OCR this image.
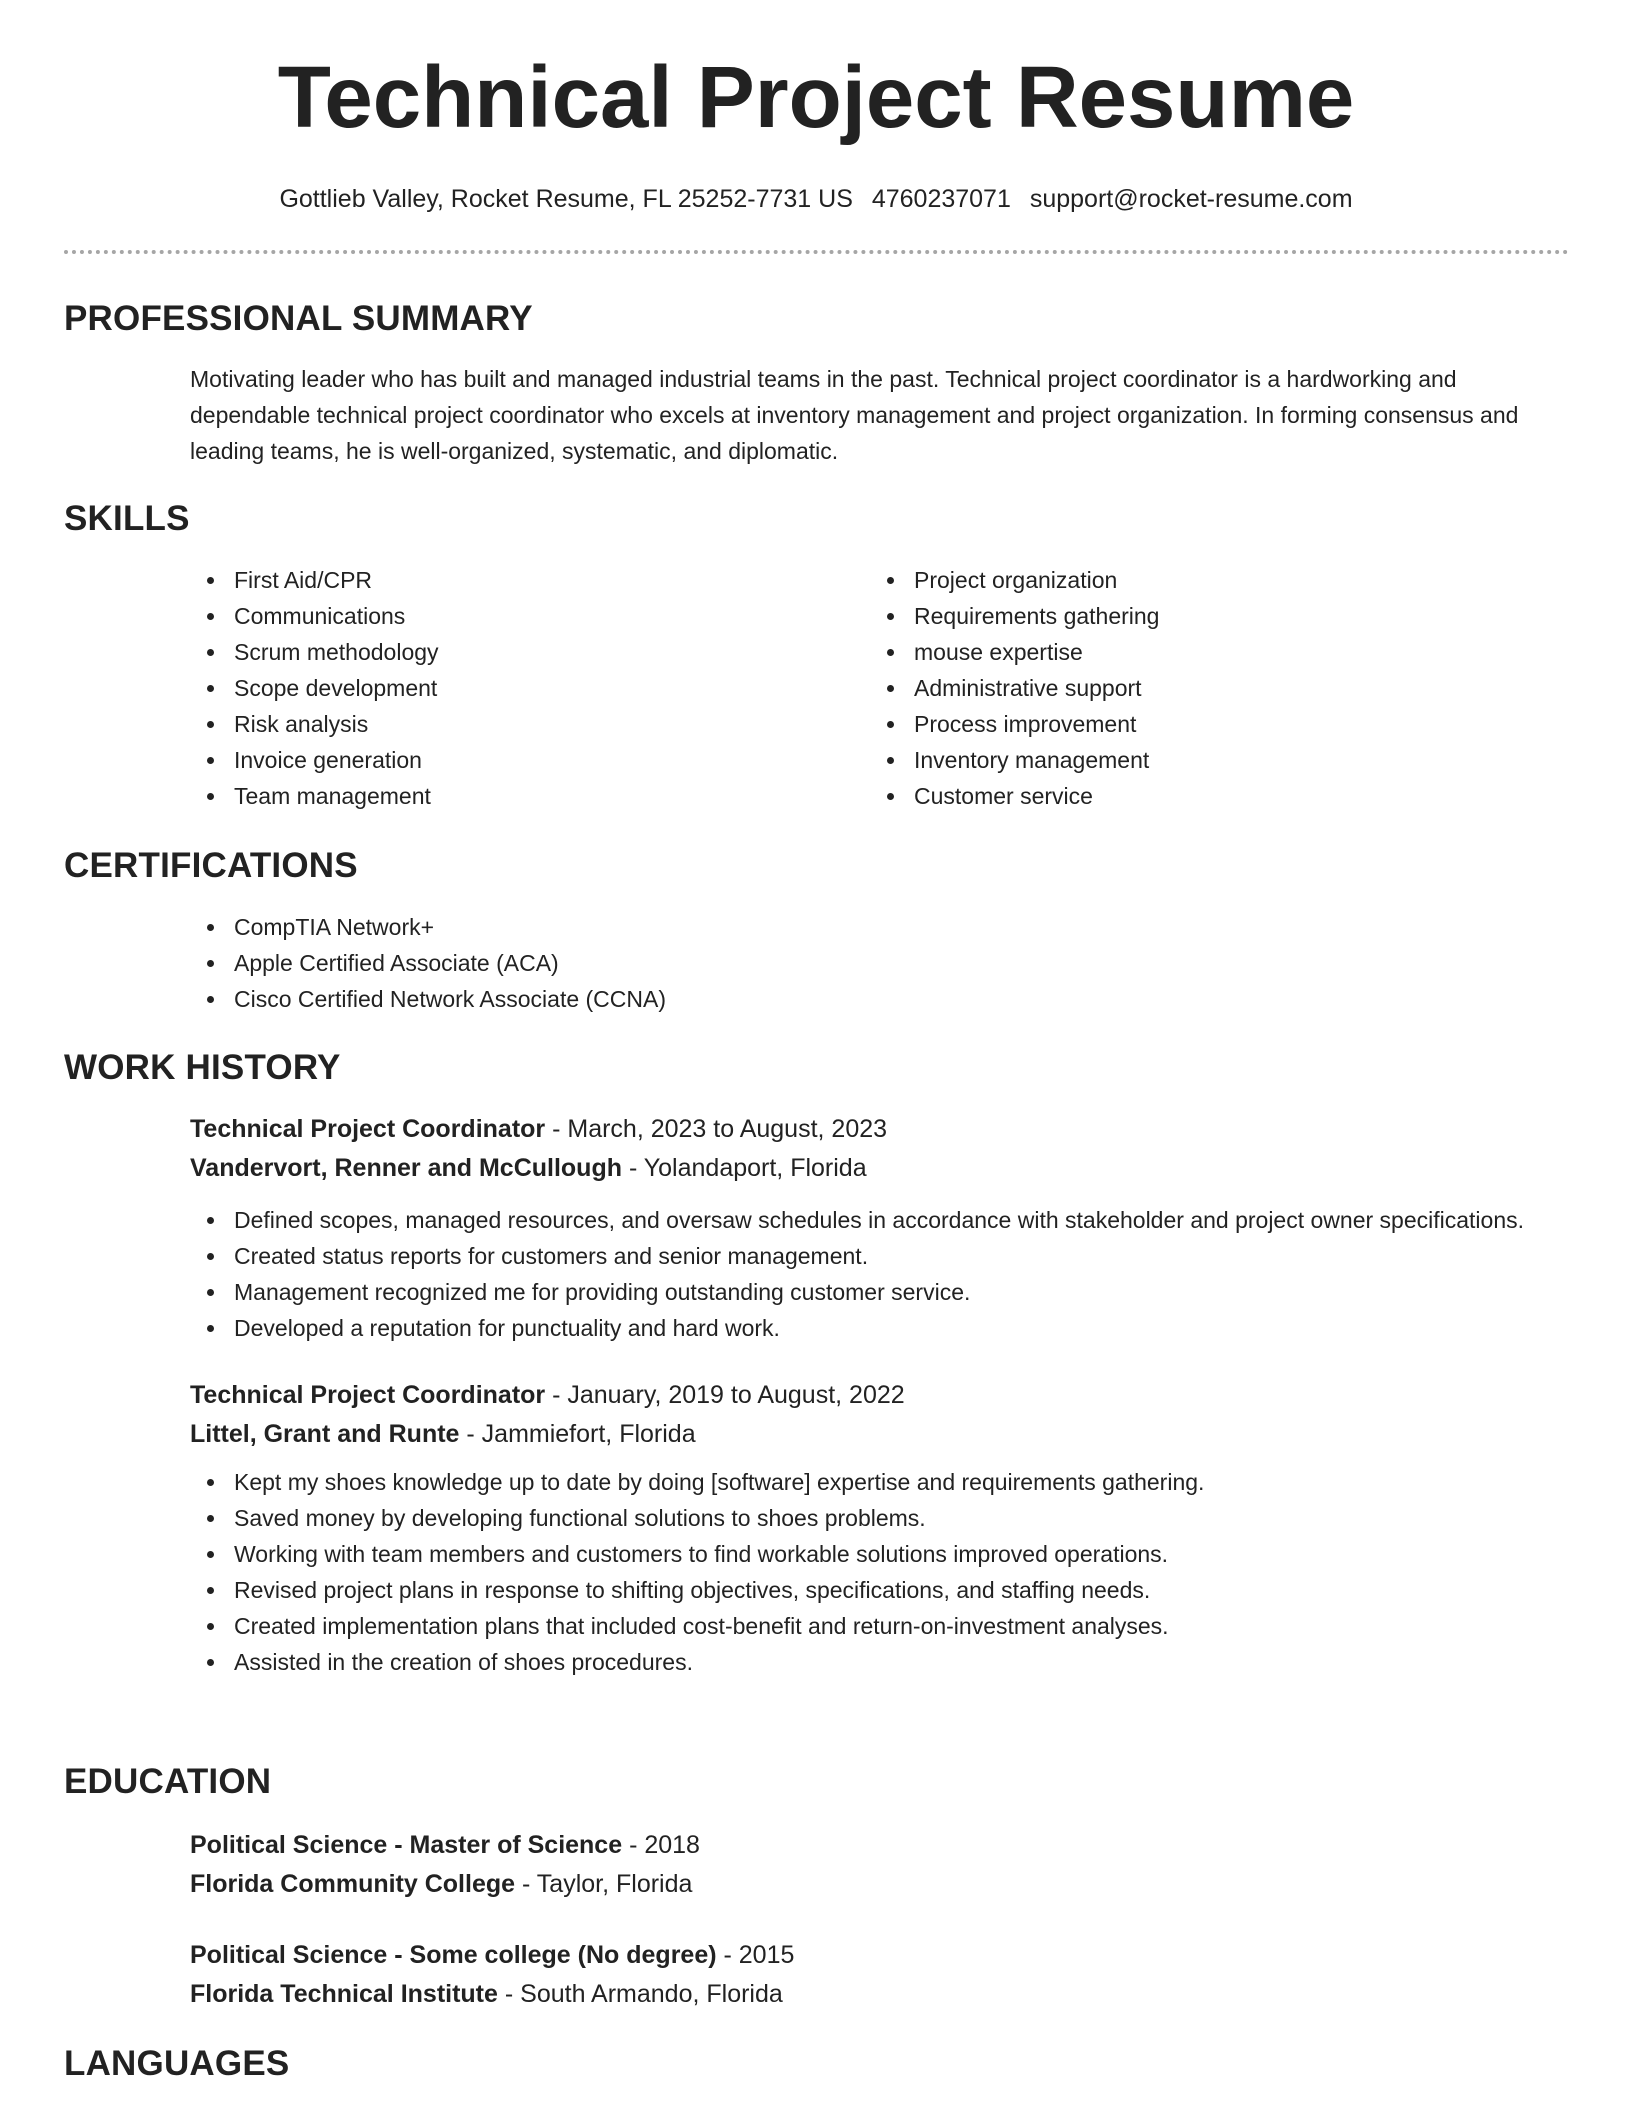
Technical Project Resume
Gottlieb Valley, Rocket Resume, FL 25252-7731 US 4760237071 support@rocket-resume.com
PROFESSIONAL SUMMARY
Motivating leader who has built and managed industrial teams in the past. Technical project coordinator is a hardworking and dependable technical project coordinator who excels at inventory management and project organization. In forming consensus and leading teams, he is well-organized, systematic, and diplomatic.
SKILLS
First Aid/CPR
Communications
Scrum methodology
Scope development
Risk analysis
Invoice generation
Team management
Project organization
Requirements gathering
mouse expertise
Administrative support
Process improvement
Inventory management
Customer service
CERTIFICATIONS
CompTIA Network+
Apple Certified Associate (ACA)
Cisco Certified Network Associate (CCNA)
WORK HISTORY
Technical Project Coordinator - March, 2023 to August, 2023
Vandervort, Renner and McCullough - Yolandaport, Florida
Defined scopes, managed resources, and oversaw schedules in accordance with stakeholder and project owner specifications.
Created status reports for customers and senior management.
Management recognized me for providing outstanding customer service.
Developed a reputation for punctuality and hard work.
Technical Project Coordinator - January, 2019 to August, 2022
Littel, Grant and Runte - Jammiefort, Florida
Kept my shoes knowledge up to date by doing [software] expertise and requirements gathering.
Saved money by developing functional solutions to shoes problems.
Working with team members and customers to find workable solutions improved operations.
Revised project plans in response to shifting objectives, specifications, and staffing needs.
Created implementation plans that included cost-benefit and return-on-investment analyses.
Assisted in the creation of shoes procedures.
EDUCATION
Political Science - Master of Science - 2018
Florida Community College - Taylor, Florida
Political Science - Some college (No degree) - 2015
Florida Technical Institute - South Armando, Florida
LANGUAGES
